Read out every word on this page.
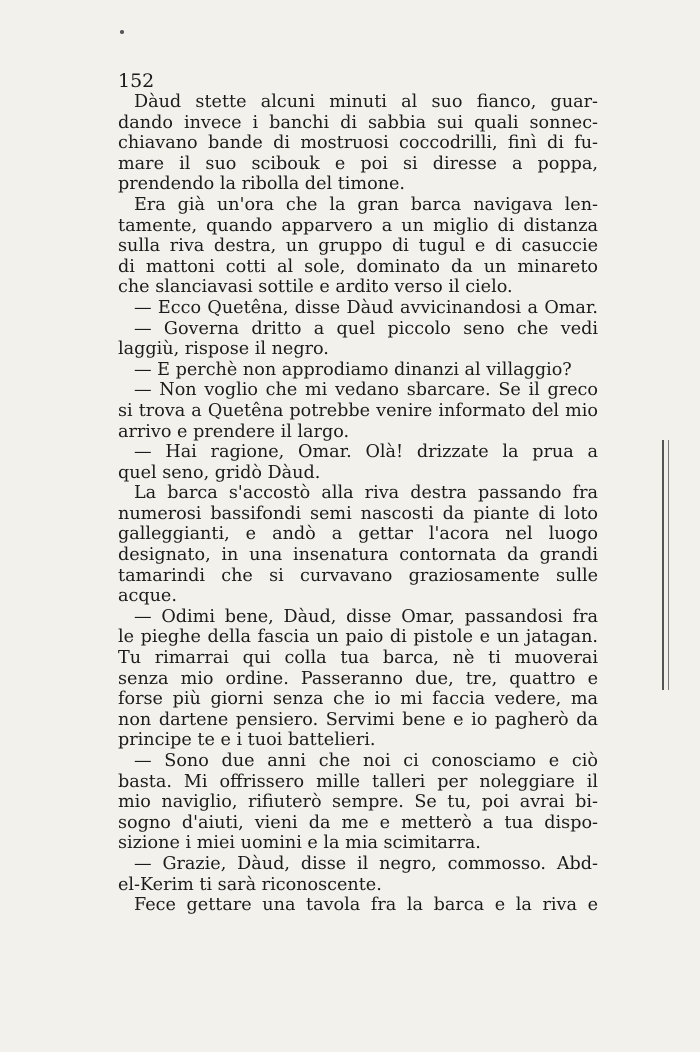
152

Dàud stette alcuni minuti al suo fianco, guar-

dando invece i banchi di sabbia sui quali sonnec-

chiavano bande di mostruosi coccodrilli, finì di fu-

mare il suo scibouk e poi si diresse a poppa,

prendendo la ribolla del timone.

Era già un'ora che la gran barca navigava len-

tamente, quando apparvero a un miglio di distanza

sulla riva destra, un gruppo di tugul e di casuccie

di mattoni cotti al sole, dominato da un minareto

che slanciavasi sottile e ardito verso il cielo.

— Ecco Quetêna, disse Dàud avvicinandosi a Omar.

— Governa dritto a quel piccolo seno che vedi

laggiù, rispose il negro.

— E perchè non approdiamo dinanzi al villaggio?

— Non voglio che mi vedano sbarcare. Se il greco

si trova a Quetêna potrebbe venire informato del mio

arrivo e prendere il largo.

— Hai ragione, Omar. Olà! drizzate la prua a

quel seno, gridò Dàud.

La barca s'accostò alla riva destra passando fra

numerosi bassifondi semi nascosti da piante di loto

galleggianti, e andò a gettar l'acora nel luogo

designato, in una insenatura contornata da grandi

tamarindi che si curvavano graziosamente sulle

acque.

— Odimi bene, Dàud, disse Omar, passandosi fra

le pieghe della fascia un paio di pistole e un jatagan.

Tu rimarrai qui colla tua barca, nè ti muoverai

senza mio ordine. Passeranno due, tre, quattro e

forse più giorni senza che io mi faccia vedere, ma

non dartene pensiero. Servimi bene e io pagherò da

principe te e i tuoi battelieri.

— Sono due anni che noi ci conosciamo e ciò

basta. Mi offrissero mille talleri per noleggiare il

mio naviglio, rifiuterò sempre. Se tu, poi avrai bi-

sogno d'aiuti, vieni da me e metterò a tua dispo-

sizione i miei uomini e la mia scimitarra.

— Grazie, Dàud, disse il negro, commosso. Abd-

el-Kerim ti sarà riconoscente.

Fece gettare una tavola fra la barca e la riva e
